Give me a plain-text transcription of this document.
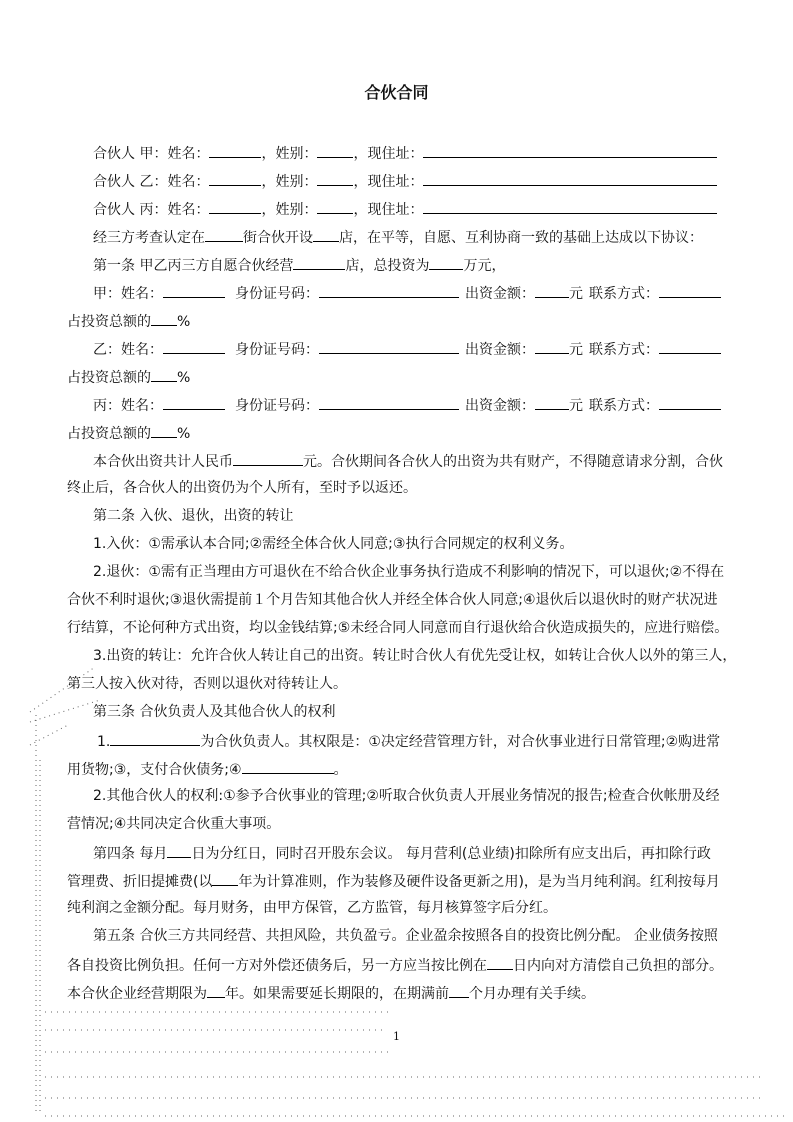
合伙合同
合伙人 甲：姓名：	，姓别：	，现住址：
合伙人 乙：姓名：	，姓别：	，现住址：
合伙人 丙：姓名：	，姓别：	，现住址：
经三方考查认定在	街合伙开设 店，在平等，自愿、互利协商一致的基础上达成以下协议：
第一条 甲乙丙三方自愿合伙经营	店，总投资为 万元，
甲：姓名：	身份证号码：	出资金额： 元 联系方式：
占投资总额的 %
乙：姓名：	身份证号码：	出资金额： 元 联系方式：
占投资总额的 %
丙：姓名：	身份证号码：	出资金额： 元 联系方式：
占投资总额的 %
本合伙出资共计人民币	元。合伙期间各合伙人的出资为共有财产，不得随意请求分割，合伙
终止后，各合伙人的出资仍为个人所有，至时予以返还。
第二条 入伙、退伙，出资的转让
1.入伙：①需承认本合同;②需经全体合伙人同意;③执行合同规定的权利义务。
2.退伙：①需有正当理由方可退伙在不给合伙企业事务执行造成不利影响的情况下，可以退伙;②不得在
合伙不利时退伙;③退伙需提前１个月告知其他合伙人并经全体合伙人同意;④退伙后以退伙时的财产状况进
行结算，不论何种方式出资，均以金钱结算;⑤未经合同人同意而自行退伙给合伙造成损失的，应进行赔偿。
3.出资的转让：允许合伙人转让自己的出资。转让时合伙人有优先受让权，如转让合伙人以外的第三人，
第三人按入伙对待，否则以退伙对待转让人。
第三条 合伙负责人及其他合伙人的权利
1.	为合伙负责人。其权限是：①决定经营管理方针，对合伙事业进行日常管理;②购进常
用货物;③，支付合伙债务;④	。
2.其他合伙人的权利:①参予合伙事业的管理;②听取合伙负责人开展业务情况的报告;检查合伙帐册及经
营情况;④共同决定合伙重大事项。
第四条 每月 日为分红日，同时召开股东会议。 每月营利(总业绩)扣除所有应支出后，再扣除行政
管理费、折旧提摊费(以 年为计算准则，作为装修及硬件设备更新之用)，是为当月纯利润。红利按每月
纯利润之金额分配。每月财务，由甲方保管，乙方监管，每月核算签字后分红。
第五条 合伙三方共同经营、共担风险，共负盈亏。企业盈余按照各自的投资比例分配。 企业债务按照
各自投资比例负担。任何一方对外偿还债务后，另一方应当按比例在 日内向对方清偿自己负担的部分。
本合伙企业经营期限为 年。如果需要延长期限的，在期满前 个月办理有关手续。
1
